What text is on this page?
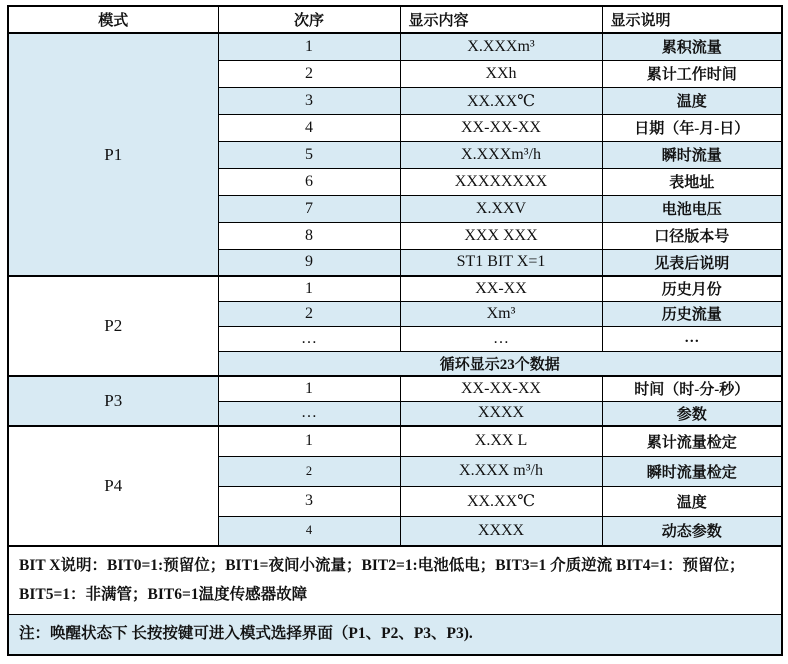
模式	次序	显示内容	显示说明
P1	1	X.XXXm³	累积流量
	2	XXh	累计工作时间
	3	XX.XX℃	温度
	4	XX-XX-XX	日期（年-月-日）
	5	X.XXXm³/h	瞬时流量
	6	XXXXXXXX	表地址
	7	X.XXV	电池电压
	8	XXX XXX	口径版本号
	9	ST1 BIT X=1	见表后说明
P2	1	XX-XX	历史月份
	2	Xm³	历史流量
	…	…	…
	循环显示23个数据		
P3	1	XX-XX-XX	时间（时-分-秒）
	…	XXXX	参数
P4	1	X.XX L	累计流量检定
	2	X.XXX m³/h	瞬时流量检定
	3	XX.XX℃	温度
	4	XXXX	动态参数
BIT X说明：BIT0=1:预留位；BIT1=夜间小流量；BIT2=1:电池低电；BIT3=1 介质逆流 BIT4=1：预留位；BIT5=1：非满管；BIT6=1温度传感器故障			
注：唤醒状态下 长按按键可进入模式选择界面（P1、P2、P3、P3).			
